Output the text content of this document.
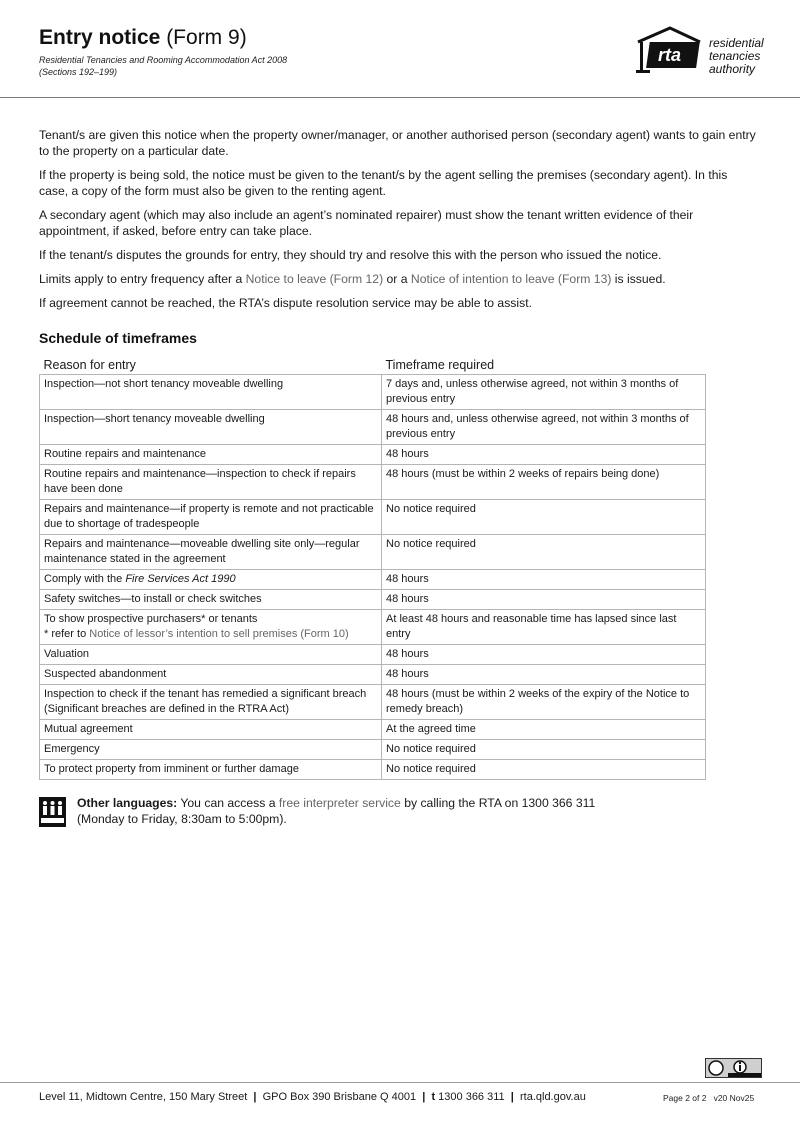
Entry notice (Form 9)
Residential Tenancies and Rooming Accommodation Act 2008
(Sections 192–199)
rta
residential
tenancies
authority

Tenant/s are given this notice when the property owner/manager, or another authorised person (secondary agent) wants to gain entry to the property on a particular date.

If the property is being sold, the notice must be given to the tenant/s by the agent selling the premises (secondary agent). In this case, a copy of the form must also be given to the renting agent.

A secondary agent (which may also include an agent’s nominated repairer) must show the tenant written evidence of their appointment, if asked, before entry can take place.

If the tenant/s disputes the grounds for entry, they should try and resolve this with the person who issued the notice.

Limits apply to entry frequency after a Notice to leave (Form 12) or a Notice of intention to leave (Form 13) is issued.

If agreement cannot be reached, the RTA’s dispute resolution service may be able to assist.

Schedule of timeframes
Reason for entry	Timeframe required
Inspection—not short tenancy moveable dwelling	7 days and, unless otherwise agreed, not within 3 months of previous entry
Inspection—short tenancy moveable dwelling	48 hours and, unless otherwise agreed, not within 3 months of previous entry
Routine repairs and maintenance	48 hours
Routine repairs and maintenance—inspection to check if repairs have been done	48 hours (must be within 2 weeks of repairs being done)
Repairs and maintenance—if property is remote and not practicable due to shortage of tradespeople	No notice required
Repairs and maintenance—moveable dwelling site only—regular maintenance stated in the agreement	No notice required
Comply with the Fire Services Act 1990	48 hours
Safety switches—to install or check switches	48 hours

To show prospective purchasers* or tenants
* refer to Notice of lessor’s intention to sell premises (Form 10)	At least 48 hours and reasonable time has lapsed since last entry
Valuation	48 hours
Suspected abandonment	48 hours
Inspection to check if the tenant has remedied a significant breach (Significant breaches are defined in the RTRA Act)	48 hours (must be within 2 weeks of the expiry of the Notice to remedy breach)
Mutual agreement	At the agreed time
Emergency	No notice required
To protect property from imminent or further damage	No notice required
Other languages: You can access a free interpreter service by calling the RTA on 1300 366 311
(Monday to Friday, 8:30am to 5:00pm).
Level 11, Midtown Centre, 150 Mary Street  |  GPO Box 390 Brisbane Q 4001  |  t 1300 366 311  |  rta.qld.gov.au	Page 2 of 2 v20 Nov25
